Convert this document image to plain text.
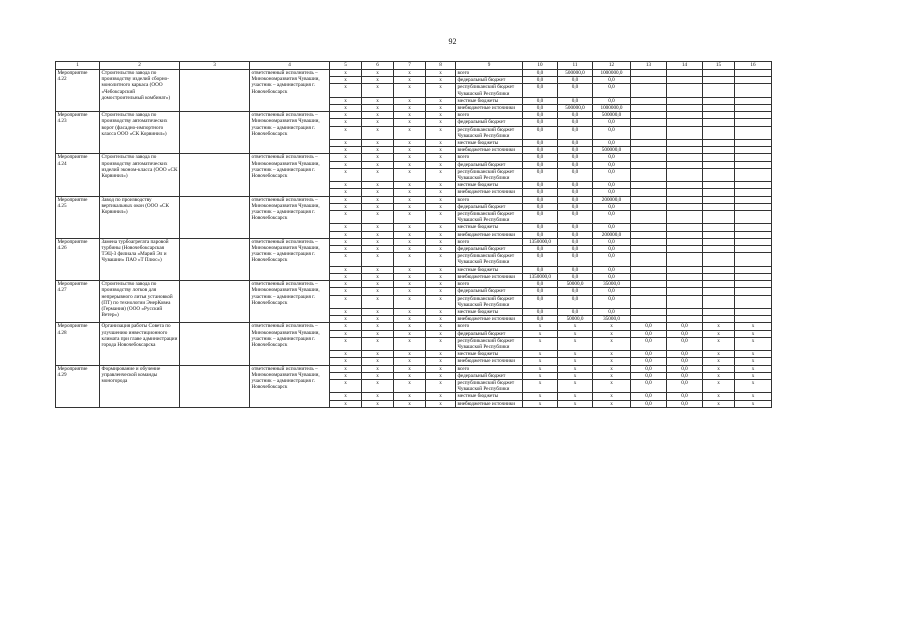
92
1	2	3	4	5	6	7	8	9	10	11	12	13	14	15	16
Мероприятие 4.22	Строительство завода по производству изделий сборно-монолитного каркаса (ООО «Чебоксарский домостроительный комбинат»)		ответственный исполнитель – Минэкономразвития Чувашии, участник – администрация г. Новочебоксарск	х	х	х	х	всего	0,0	500000,0	1000000,0				
				х	х	х	х	федеральный бюджет	0,0	0,0	0,0				
				х	х	х	х	республиканский бюджет Чувашской Республики	0,0	0,0	0,0				
				х	х	х	х	местные бюджеты	0,0	0,0	0,0				
				х	х	х	х	внебюджетные источники	0,0	500000,0	1000000,0				
Мероприятие 4.23	Строительство завода по производству автоматических ворот (фасадно-импортного класса ООО «СК Корвинил»)		ответственный исполнитель – Минэкономразвития Чувашии, участник – администрация г. Новочебоксарск	х	х	х	х	всего	0,0	0,0	500000,0				
				х	х	х	х	федеральный бюджет	0,0	0,0	0,0				
				х	х	х	х	республиканский бюджет Чувашской Республики	0,0	0,0	0,0				
				х	х	х	х	местные бюджеты	0,0	0,0	0,0				
				х	х	х	х	внебюджетные источники	0,0	0,0	500000,0				
Мероприятие 4.24	Строительство завода по производству автоматических изделий эконом-класса (ООО «СК Корвинил»)		ответственный исполнитель – Минэкономразвития Чувашии, участник – администрация г. Новочебоксарск	х	х	х	х	всего	0,0	0,0	0,0				
				х	х	х	х	федеральный бюджет	0,0	0,0	0,0				
				х	х	х	х	республиканский бюджет Чувашской Республики	0,0	0,0	0,0				
				х	х	х	х	местные бюджеты	0,0	0,0	0,0				
				х	х	х	х	внебюджетные источники	0,0	0,0	0,0				
Мероприятие 4.25	Завод по производству вертикальных окон (ООО «СК Корвинил»)		ответственный исполнитель – Минэкономразвития Чувашии, участник – администрация г. Новочебоксарск	х	х	х	х	всего	0,0	0,0	200000,0				
				х	х	х	х	федеральный бюджет	0,0	0,0	0,0				
				х	х	х	х	республиканский бюджет Чувашской Республики	0,0	0,0	0,0				
				х	х	х	х	местные бюджеты	0,0	0,0	0,0				
				х	х	х	х	внебюджетные источники	0,0	0,0	200000,0				
Мероприятие 4.26	Замена турбоагрегата паровой турбины (Новочебоксарская ТЭЦ-3 филиала «Марий Эл и Чувашии» ПАО «Т Плюс»)		ответственный исполнитель – Минэкономразвития Чувашии, участник – администрация г. Новочебоксарск	х	х	х	х	всего	1350000,0	0,0	0,0				
				х	х	х	х	федеральный бюджет	0,0	0,0	0,0				
				х	х	х	х	республиканский бюджет Чувашской Республики	0,0	0,0	0,0				
				х	х	х	х	местные бюджеты	0,0	0,0	0,0				
				х	х	х	х	внебюджетные источники	1350000,0	0,0	0,0				
Мероприятие 4.27	Строительство завода по производству лотков для непрерывного литья установкой (ПТ) по технологии ЭнерКовеа (Германия) (ООО «Русский Ветер»)		ответственный исполнитель – Минэкономразвития Чувашии, участник – администрация г. Новочебоксарск	х	х	х	х	всего	0,0	50000,0	35000,0				
				х	х	х	х	федеральный бюджет	0,0	0,0	0,0				
				х	х	х	х	республиканский бюджет Чувашской Республики	0,0	0,0	0,0				
				х	х	х	х	местные бюджеты	0,0	0,0	0,0				
				х	х	х	х	внебюджетные источники	0,0	50000,0	35000,0				
Мероприятие 4.28	Организация работы Совета по улучшению инвестиционного климата при главе администрации города Новочебоксарска		ответственный исполнитель – Минэкономразвития Чувашии, участник – администрация г. Новочебоксарск	х	х	х	х	всего	х	х	х	0,0	0,0	х	х
				х	х	х	х	федеральный бюджет	х	х	х	0,0	0,0	х	х
				х	х	х	х	республиканский бюджет Чувашской Республики	х	х	х	0,0	0,0	х	х
				х	х	х	х	местные бюджеты	х	х	х	0,0	0,0	х	х
				х	х	х	х	внебюджетные источники	х	х	х	0,0	0,0	х	х
Мероприятие 4.29	Формирование и обучение управленческой команды моногорода		ответственный исполнитель – Минэкономразвития Чувашии, участник – администрация г. Новочебоксарск	х	х	х	х	всего	х	х	х	0,0	0,0	х	х
				х	х	х	х	федеральный бюджет	х	х	х	0,0	0,0	х	х
				х	х	х	х	республиканский бюджет Чувашской Республики	х	х	х	0,0	0,0	х	х
				х	х	х	х	местные бюджеты	х	х	х	0,0	0,0	х	х
				х	х	х	х	внебюджетные источники	х	х	х	0,0	0,0	х	х
